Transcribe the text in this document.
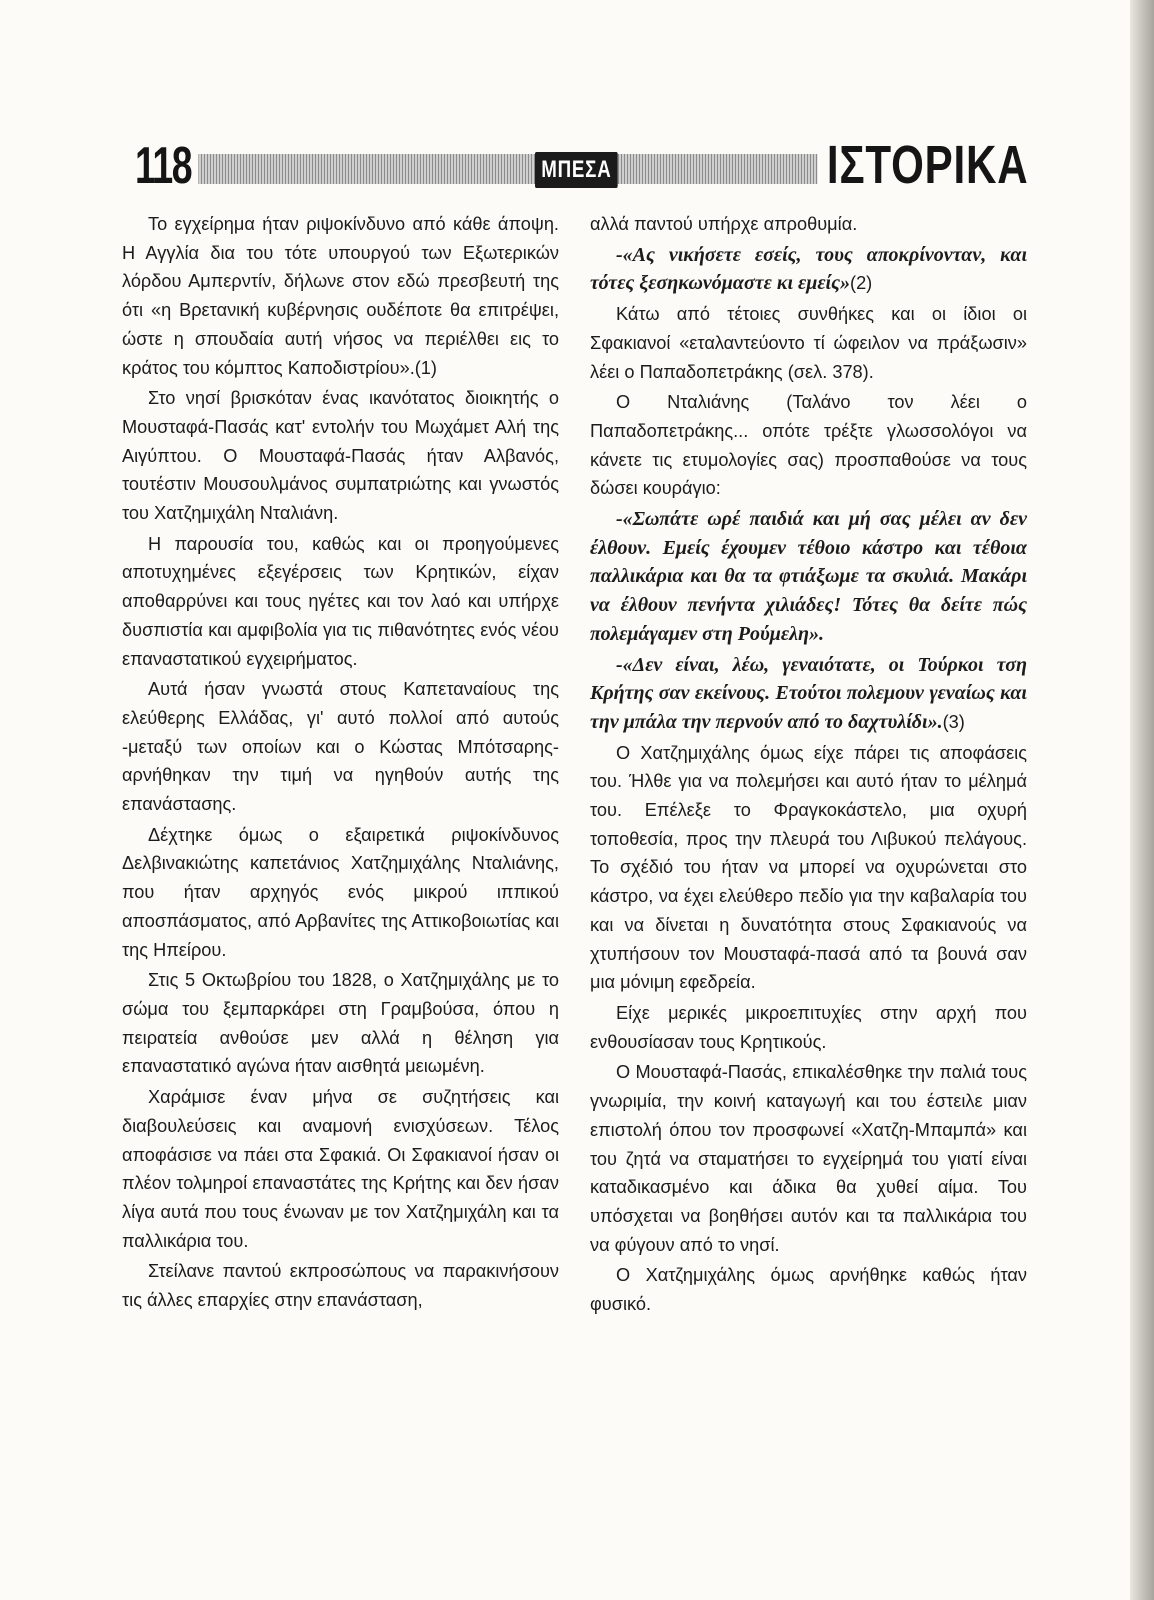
118	ΜΠΕΣΑ	ΙΣΤΟΡΙΚΑ

Το εγχείρημα ήταν ριψοκίνδυνο από κάθε άποψη. Η Αγγλία δια του τότε υπουργού των Εξωτερικών λόρδου Αμπερντίν, δήλωνε στον εδώ πρεσβευτή της ότι «η Βρετανική κυβέρνησις ουδέποτε θα επιτρέψει, ώστε η σπουδαία αυτή νήσος να περιέλθει εις το κράτος του κόμπτος Καποδιστρίου».(1)

Στο νησί βρισκόταν ένας ικανότατος διοικητής ο Μουσταφά-Πασάς κατ' εντολήν του Μωχάμετ Αλή της Αιγύπτου. Ο Μουσταφά-Πασάς ήταν Αλβανός, τουτέστιν Μουσουλμάνος συμπατριώτης και γνωστός του Χατζημιχάλη Νταλιάνη.

Η παρουσία του, καθώς και οι προηγούμενες αποτυχημένες εξεγέρσεις των Κρητικών, είχαν αποθαρρύνει και τους ηγέτες και τον λαό και υπήρχε δυσπιστία και αμφιβολία για τις πιθανότητες ενός νέου επαναστατικού εγχειρήματος.

Αυτά ήσαν γνωστά στους Καπεταναίους της ελεύθερης Ελλάδας, γι' αυτό πολλοί από αυτούς -μεταξύ των οποίων και ο Κώστας Μπότσαρης- αρνήθηκαν την τιμή να ηγηθούν αυτής της επανάστασης.

Δέχτηκε όμως ο εξαιρετικά ριψοκίνδυνος Δελβινακιώτης καπετάνιος Χατζημιχάλης Νταλιάνης, που ήταν αρχηγός ενός μικρού ιππικού αποσπάσματος, από Αρβανίτες της Αττικοβοιωτίας και της Ηπείρου.

Στις 5 Οκτωβρίου του 1828, ο Χατζημιχάλης με το σώμα του ξεμπαρκάρει στη Γραμβούσα, όπου η πειρατεία ανθούσε μεν αλλά η θέληση για επαναστατικό αγώνα ήταν αισθητά μειωμένη.

Χαράμισε έναν μήνα σε συζητήσεις και διαβουλεύσεις και αναμονή ενισχύσεων. Τέλος αποφάσισε να πάει στα Σφακιά. Οι Σφακιανοί ήσαν οι πλέον τολμηροί επαναστάτες της Κρήτης και δεν ήσαν λίγα αυτά που τους ένωναν με τον Χατζημιχάλη και τα παλλικάρια του.

Στείλανε παντού εκπροσώπους να παρακινήσουν τις άλλες επαρχίες στην επανάσταση,

αλλά παντού υπήρχε απροθυμία.

-«Ας νικήσετε εσείς, τους αποκρίνονταν, και τότες ξεσηκωνόμαστε κι εμείς»(2)

Κάτω από τέτοιες συνθήκες και οι ίδιοι οι Σφακιανοί «εταλαντεύοντο τί ώφειλον να πράξωσιν» λέει ο Παπαδοπετράκης (σελ. 378).

Ο Νταλιάνης (Ταλάνο τον λέει ο Παπαδοπετράκης... οπότε τρέξτε γλωσσολόγοι να κάνετε τις ετυμολογίες σας) προσπαθούσε να τους δώσει κουράγιο:

-«Σωπάτε ωρέ παιδιά και μή σας μέλει αν δεν έλθουν. Εμείς έχουμεν τέθοιο κάστρο και τέθοια παλλικάρια και θα τα φτιάξωμε τα σκυλιά. Μακάρι να έλθουν πενήντα χιλιάδες! Τότες θα δείτε πώς πολεμάγαμεν στη Ρούμελη».

-«Δεν είναι, λέω, γεναιότατε, οι Τούρκοι τση Κρήτης σαν εκείνους. Ετούτοι πολεμουν γεναίως και την μπάλα την περνούν από το δαχτυλίδι».(3)

Ο Χατζημιχάλης όμως είχε πάρει τις αποφάσεις του. Ήλθε για να πολεμήσει και αυτό ήταν το μέλημά του. Επέλεξε το Φραγκοκάστελο, μια οχυρή τοποθεσία, προς την πλευρά του Λιβυκού πελάγους. Το σχέδιό του ήταν να μπορεί να οχυρώνεται στο κάστρο, να έχει ελεύθερο πεδίο για την καβαλαρία του και να δίνεται η δυνατότητα στους Σφακιανούς να χτυπήσουν τον Μουσταφά-πασά από τα βουνά σαν μια μόνιμη εφεδρεία.

Είχε μερικές μικροεπιτυχίες στην αρχή που ενθουσίασαν τους Κρητικούς.

Ο Μουσταφά-Πασάς, επικαλέσθηκε την παλιά τους γνωριμία, την κοινή καταγωγή και του έστειλε μιαν επιστολή όπου τον προσφωνεί «Χατζη-Μπαμπά» και του ζητά να σταματήσει το εγχείρημά του γιατί είναι καταδικασμένο και άδικα θα χυθεί αίμα. Του υπόσχεται να βοηθήσει αυτόν και τα παλλικάρια του να φύγουν από το νησί.

Ο Χατζημιχάλης όμως αρνήθηκε καθώς ήταν φυσικό.
